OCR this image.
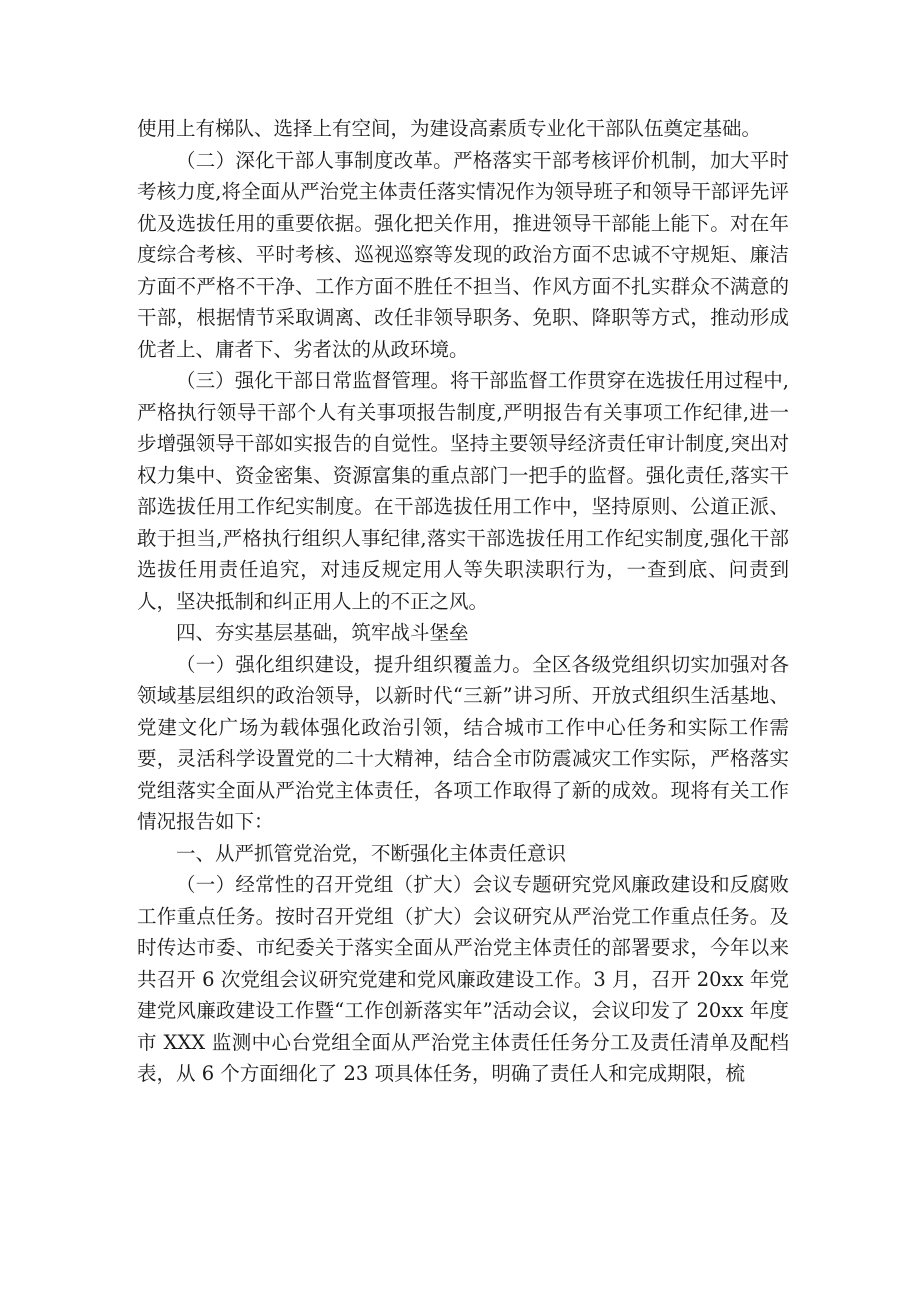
使用上有梯队、选择上有空间，为建设高素质专业化干部队伍奠定基础。

（二）深化干部人事制度改革。严格落实干部考核评价机制，加大平时考核力度,将全面从严治党主体责任落实情况作为领导班子和领导干部评先评优及选拔任用的重要依据。强化把关作用，推进领导干部能上能下。对在年度综合考核、平时考核、巡视巡察等发现的政治方面不忠诚不守规矩、廉洁方面不严格不干净、工作方面不胜任不担当、作风方面不扎实群众不满意的干部，根据情节采取调离、改任非领导职务、免职、降职等方式，推动形成优者上、庸者下、劣者汰的从政环境。

（三）强化干部日常监督管理。将干部监督工作贯穿在选拔任用过程中,严格执行领导干部个人有关事项报告制度,严明报告有关事项工作纪律,进一步增强领导干部如实报告的自觉性。坚持主要领导经济责任审计制度,突出对权力集中、资金密集、资源富集的重点部门一把手的监督。强化责任,落实干部选拔任用工作纪实制度。在干部选拔任用工作中，坚持原则、公道正派、敢于担当,严格执行组织人事纪律,落实干部选拔任用工作纪实制度,强化干部选拔任用责任追究，对违反规定用人等失职渎职行为，一查到底、问责到人，坚决抵制和纠正用人上的不正之风。

四、夯实基层基础，筑牢战斗堡垒

（一）强化组织建设，提升组织覆盖力。全区各级党组织切实加强对各领域基层组织的政治领导，以新时代“三新”讲习所、开放式组织生活基地、党建文化广场为载体强化政治引领，结合城市工作中心任务和实际工作需要，灵活科学设置党的二十大精神，结合全市防震减灾工作实际，严格落实党组落实全面从严治党主体责任，各项工作取得了新的成效。现将有关工作情况报告如下：

一、从严抓管党治党，不断强化主体责任意识

（一）经常性的召开党组（扩大）会议专题研究党风廉政建设和反腐败工作重点任务。按时召开党组（扩大）会议研究从严治党工作重点任务。及时传达市委、市纪委关于落实全面从严治党主体责任的部署要求，今年以来共召开 6 次党组会议研究党建和党风廉政建设工作。3 月，召开 20xx 年党建党风廉政建设工作暨“工作创新落实年”活动会议，会议印发了 20xx 年度市 XXX 监测中心台党组全面从严治党主体责任任务分工及责任清单及配档表，从 6 个方面细化了 23 项具体任务，明确了责任人和完成期限，梳
